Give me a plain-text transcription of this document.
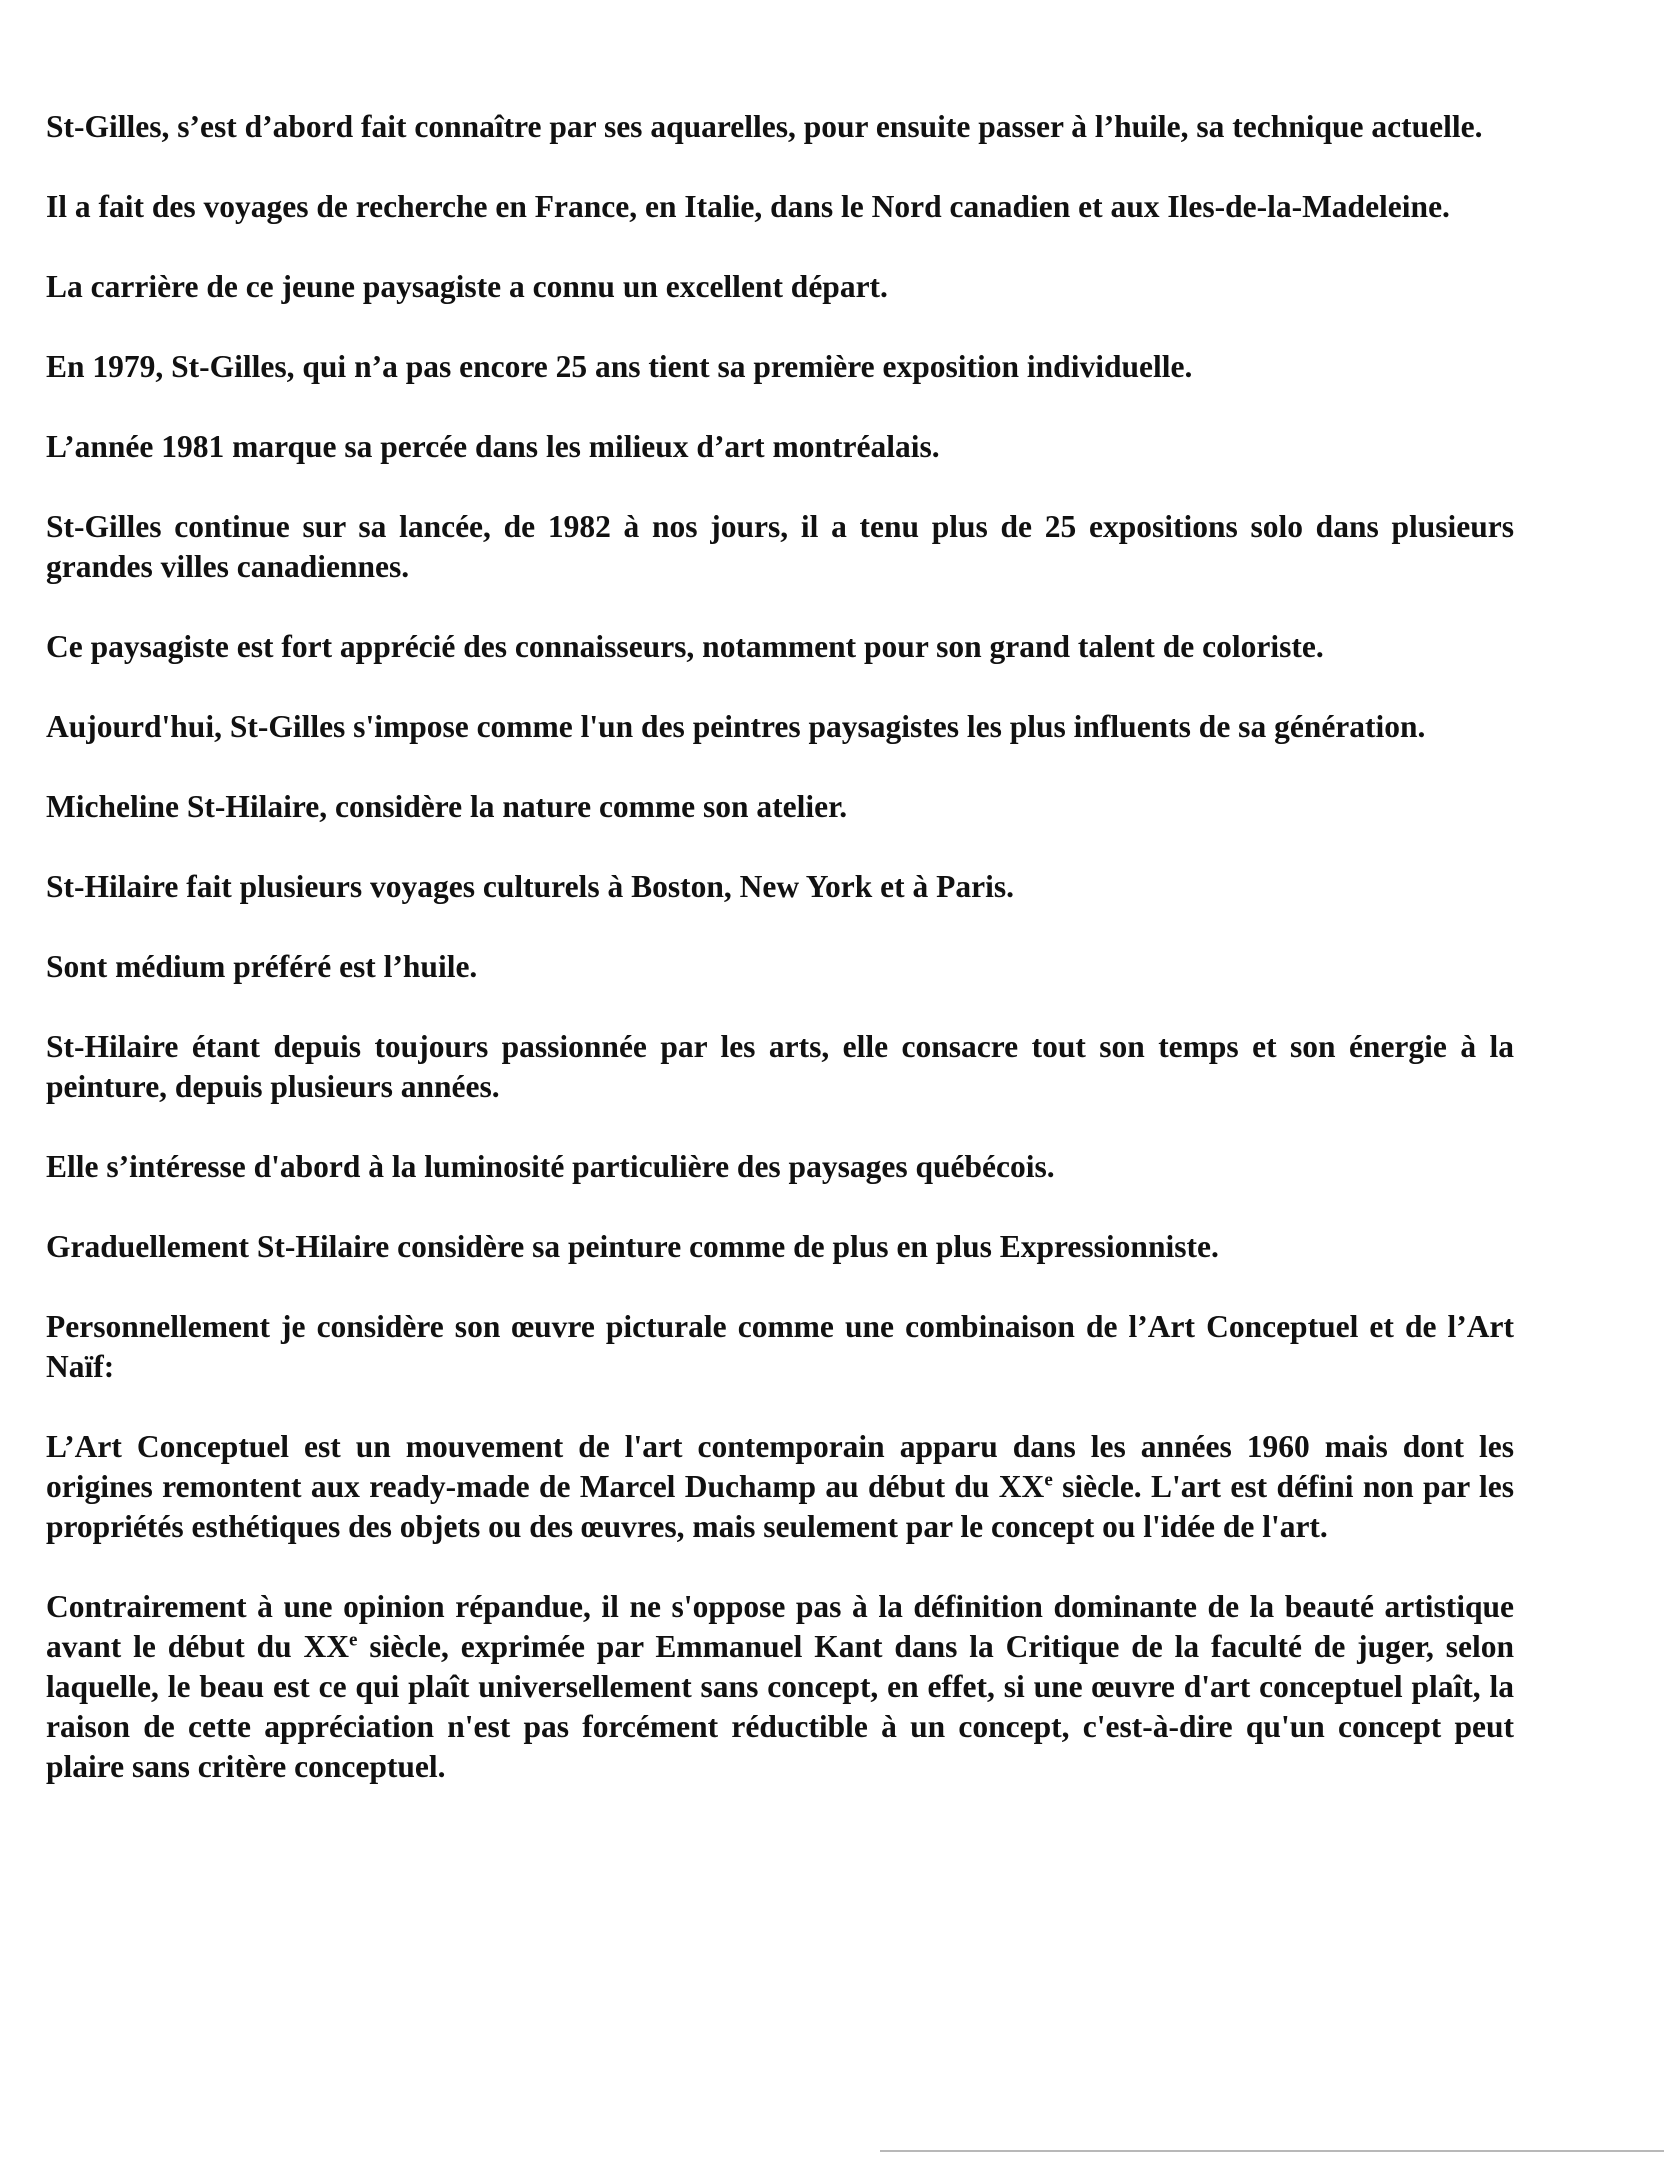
St-Gilles, s’est d’abord fait connaître par ses aquarelles, pour ensuite passer à l’huile, sa technique actuelle.

Il a fait des voyages de recherche en France, en Italie, dans le Nord canadien et aux Iles-de-la-Madeleine.

La carrière de ce jeune paysagiste a connu un excellent départ.

En 1979, St-Gilles, qui n’a pas encore 25 ans tient sa première exposition individuelle.

L’année 1981 marque sa percée dans les milieux d’art montréalais.

St-Gilles continue sur sa lancée, de 1982 à nos jours, il a tenu plus de 25 expositions solo dans plusieurs grandes villes canadiennes.

Ce paysagiste est fort apprécié des connaisseurs, notamment pour son grand talent de coloriste.

Aujourd'hui, St-Gilles s'impose comme l'un des peintres paysagistes les plus influents de sa génération.

Micheline St-Hilaire, considère la nature comme son atelier.

St-Hilaire fait plusieurs voyages culturels à Boston, New York et à Paris.

Sont médium préféré est l’huile.

St-Hilaire étant depuis toujours passionnée par les arts, elle consacre tout son temps et son énergie à la peinture, depuis plusieurs années.

Elle s’intéresse d'abord à la luminosité particulière des paysages québécois.

Graduellement St-Hilaire considère sa peinture comme de plus en plus Expressionniste.

Personnellement je considère son œuvre picturale comme une combinaison de l’Art Conceptuel et de l’Art Naïf:

L’Art Conceptuel est un mouvement de l'art contemporain apparu dans les années 1960 mais dont les origines remontent aux ready-made de Marcel Duchamp au début du XXe siècle. L'art est défini non par les propriétés esthétiques des objets ou des œuvres, mais seulement par le concept ou l'idée de l'art.

Contrairement à une opinion répandue, il ne s'oppose pas à la définition dominante de la beauté artistique avant le début du XXe siècle, exprimée par Emmanuel Kant dans la Critique de la faculté de juger, selon laquelle, le beau est ce qui plaît universellement sans concept, en effet, si une œuvre d'art conceptuel plaît, la raison de cette appréciation n'est pas forcément réductible à un concept, c'est-à-dire qu'un concept peut plaire sans critère conceptuel.
